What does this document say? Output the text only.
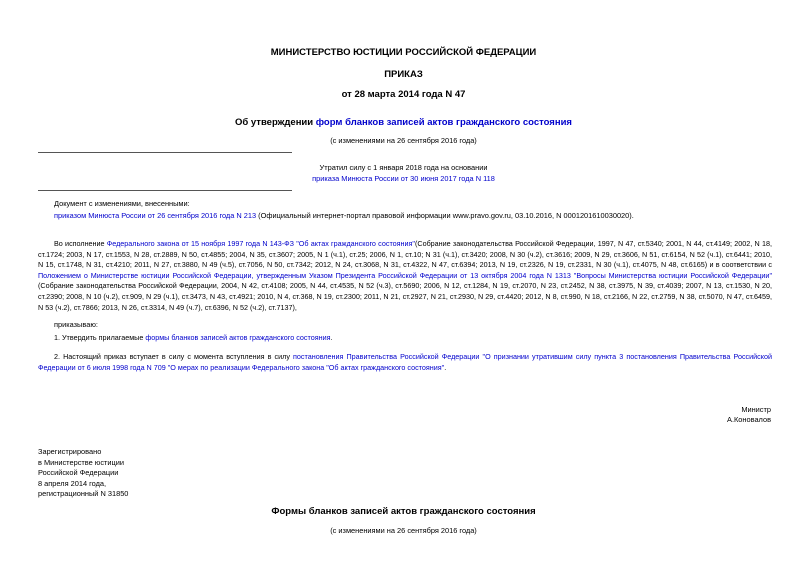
МИНИСТЕРСТВО ЮСТИЦИИ РОССИЙСКОЙ ФЕДЕРАЦИИ
ПРИКАЗ
от 28 марта 2014 года N 47
Об утверждении форм бланков записей актов гражданского состояния
(с изменениями на 26 сентября 2016 года)
Утратил силу с 1 января 2018 года на основании
приказа Минюста России от 30 июня 2017 года N 118
Документ с изменениями, внесенными:
приказом Минюста России от 26 сентября 2016 года N 213 (Официальный интернет-портал правовой информации www.pravo.gov.ru, 03.10.2016, N 0001201610030020).
Во исполнение Федерального закона от 15 ноября 1997 года N 143-ФЗ "Об актах гражданского состояния"(Собрание законодательства Российской Федерации, 1997, N 47, ст.5340; 2001, N 44, ст.4149; 2002, N 18, ст.1724; 2003, N 17, ст.1553, N 28, ст.2889, N 50, ст.4855; 2004, N 35, ст.3607; 2005, N 1 (ч.1), ст.25; 2006, N 1, ст.10; N 31 (ч.1), ст.3420; 2008, N 30 (ч.2), ст.3616; 2009, N 29, ст.3606, N 51, ст.6154, N 52 (ч.1), ст.6441; 2010, N 15, ст.1748, N 31, ст.4210; 2011, N 27, ст.3880, N 49 (ч.5), ст.7056, N 50, ст.7342; 2012, N 24, ст.3068, N 31, ст.4322, N 47, ст.6394; 2013, N 19, ст.2326, N 19, ст.2331, N 30 (ч.1), ст.4075, N 48, ст.6165) и в соответствии с Положением о Министерстве юстиции Российской Федерации, утвержденным Указом Президента Российской Федерации от 13 октября 2004 года N 1313 "Вопросы Министерства юстиции Российской Федерации" (Собрание законодательства Российской Федерации, 2004, N 42, ст.4108; 2005, N 44, ст.4535, N 52 (ч.3), ст.5690; 2006, N 12, ст.1284, N 19, ст.2070, N 23, ст.2452, N 38, ст.3975, N 39, ст.4039; 2007, N 13, ст.1530, N 20, ст.2390; 2008, N 10 (ч.2), ст.909, N 29 (ч.1), ст.3473, N 43, ст.4921; 2010, N 4, ст.368, N 19, ст.2300; 2011, N 21, ст.2927, N 21, ст.2930, N 29, ст.4420; 2012, N 8, ст.990, N 18, ст.2166, N 22, ст.2759, N 38, ст.5070, N 47, ст.6459, N 53 (ч.2), ст.7866; 2013, N 26, ст.3314, N 49 (ч.7), ст.6396, N 52 (ч.2), ст.7137),
приказываю:
1. Утвердить прилагаемые формы бланков записей актов гражданского состояния.
2. Настоящий приказ вступает в силу с момента вступления в силу постановления Правительства Российской Федерации "О признании утратившим силу пункта 3 постановления Правительства Российской Федерации от 6 июля 1998 года N 709 "О мерах по реализации Федерального закона "Об актах гражданского состояния".
Министр
А.Коновалов
Зарегистрировано
в Министерстве юстиции
Российской Федерации
8 апреля 2014 года,
регистрационный N 31850
Формы бланков записей актов гражданского состояния
(с изменениями на 26 сентября 2016 года)
